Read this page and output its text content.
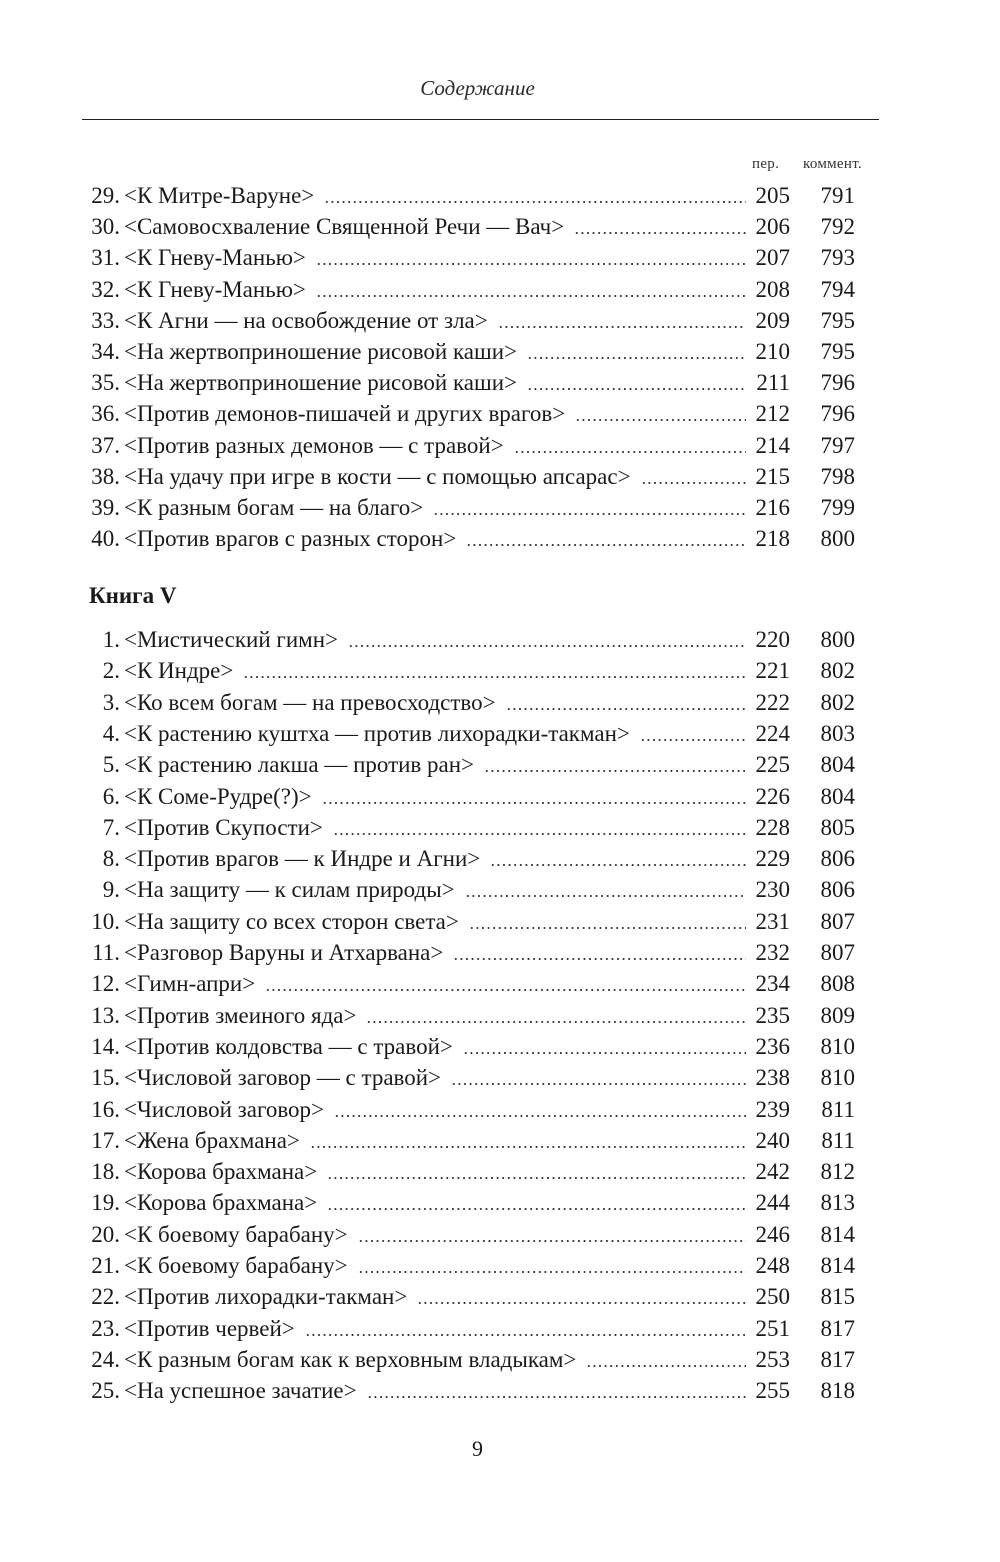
Содержание
пер. коммент.
29. <К Митре-Варуне>	205 791
30. <Самовосхваление Священной Речи — Вач>	206 792
31. <К Гневу-Манью>	207 793
32. <К Гневу-Манью>	208 794
33. <К Агни — на освобождение от зла>	209 795
34. <На жертвоприношение рисовой каши>	210 795
35. <На жертвоприношение рисовой каши>	211 796
36. <Против демонов-пишачей и других врагов>	212 796
37. <Против разных демонов — с травой>	214 797
38. <На удачу при игре в кости — с помощью апсарас>	215 798
39. <К разным богам — на благо>	216 799
40. <Против врагов с разных сторон>	218 800
Книга V
1. <Мистический гимн>	220 800
2. <К Индре>	221 802
3. <Ко всем богам — на превосходство>	222 802
4. <К растению куштха — против лихорадки-такман>	224 803
5. <К растению лакша — против ран>	225 804
6. <К Соме-Рудре(?)>	226 804
7. <Против Скупости>	228 805
8. <Против врагов — к Индре и Агни>	229 806
9. <На защиту — к силам природы>	230 806
10. <На защиту со всех сторон света>	231 807
11. <Разговор Варуны и Атхарвана>	232 807
12. <Гимн-апри>	234 808
13. <Против змеиного яда>	235 809
14. <Против колдовства — с травой>	236 810
15. <Числовой заговор — с травой>	238 810
16. <Числовой заговор>	239 811
17. <Жена брахмана>	240 811
18. <Корова брахмана>	242 812
19. <Корова брахмана>	244 813
20. <К боевому барабану>	246 814
21. <К боевому барабану>	248 814
22. <Против лихорадки-такман>	250 815
23. <Против червей>	251 817
24. <К разным богам как к верховным владыкам>	253 817
25. <На успешное зачатие>	255 818
9
